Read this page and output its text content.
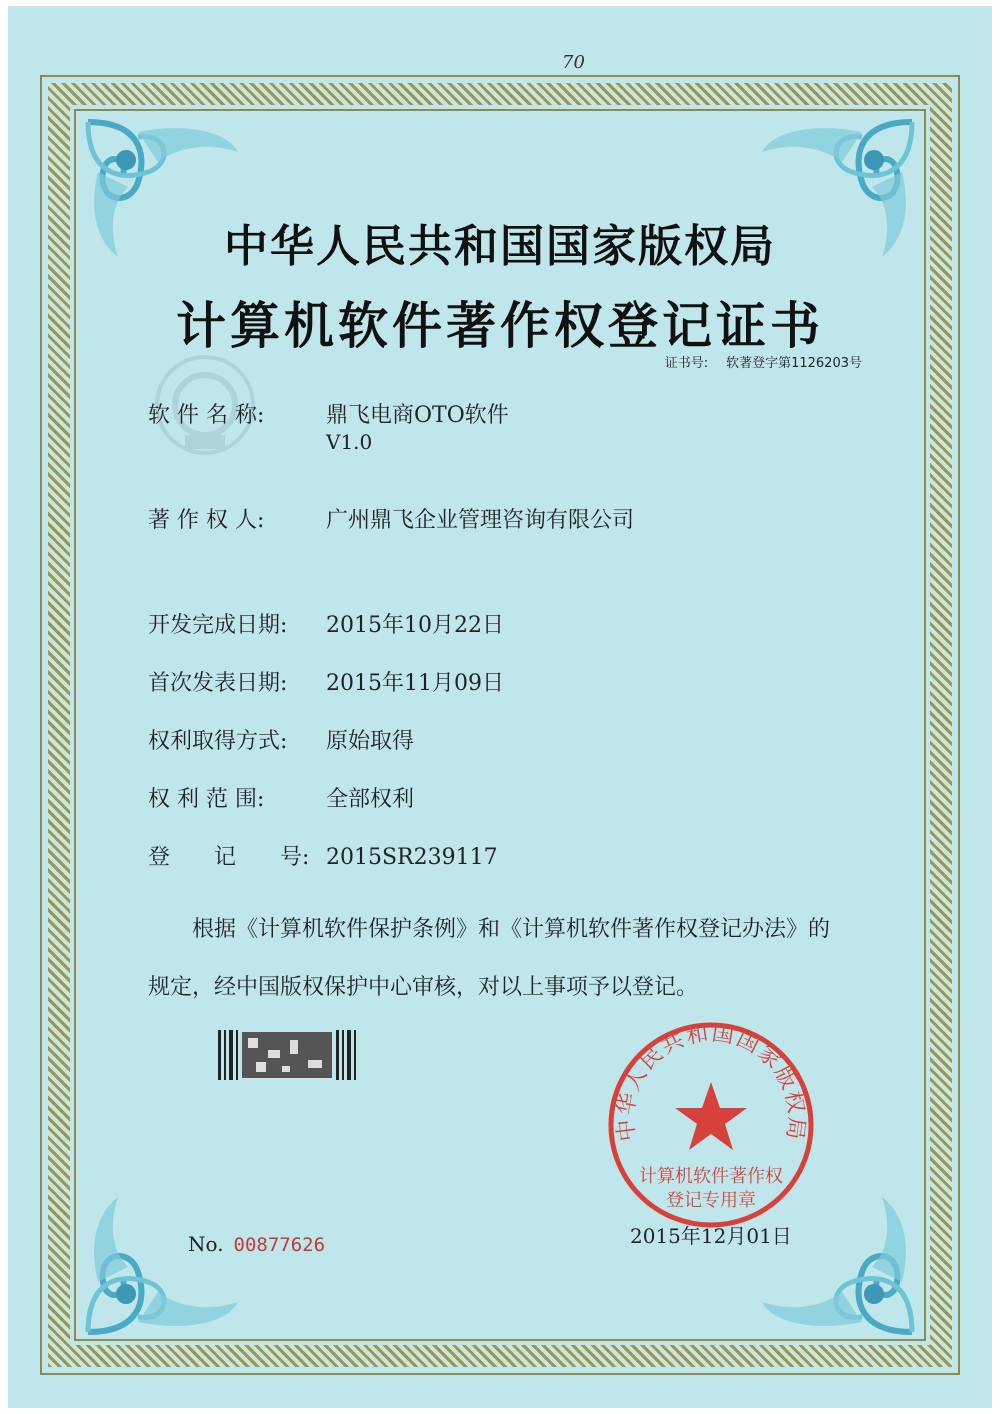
70
中华人民共和国国家版权局
计算机软件著作权登记证书
证书号: 软著登字第1126203号
软 件 名 称:	鼎飞电商OTO软件
V1.0
著 作 权 人:	广州鼎飞企业管理咨询有限公司
开发完成日期: 2015年10月22日
首次发表日期: 2015年11月09日
权利取得方式: 原始取得
权 利 范 围:	全部权利
登　　记　　号: 2015SR239117
根据《计算机软件保护条例》和《计算机软件著作权登记办法》的
规定，经中国版权保护中心审核，对以上事项予以登记。
中华人民共和国国家版权局
计算机软件著作权
登记专用章
2015年12月01日
No. 00877626
